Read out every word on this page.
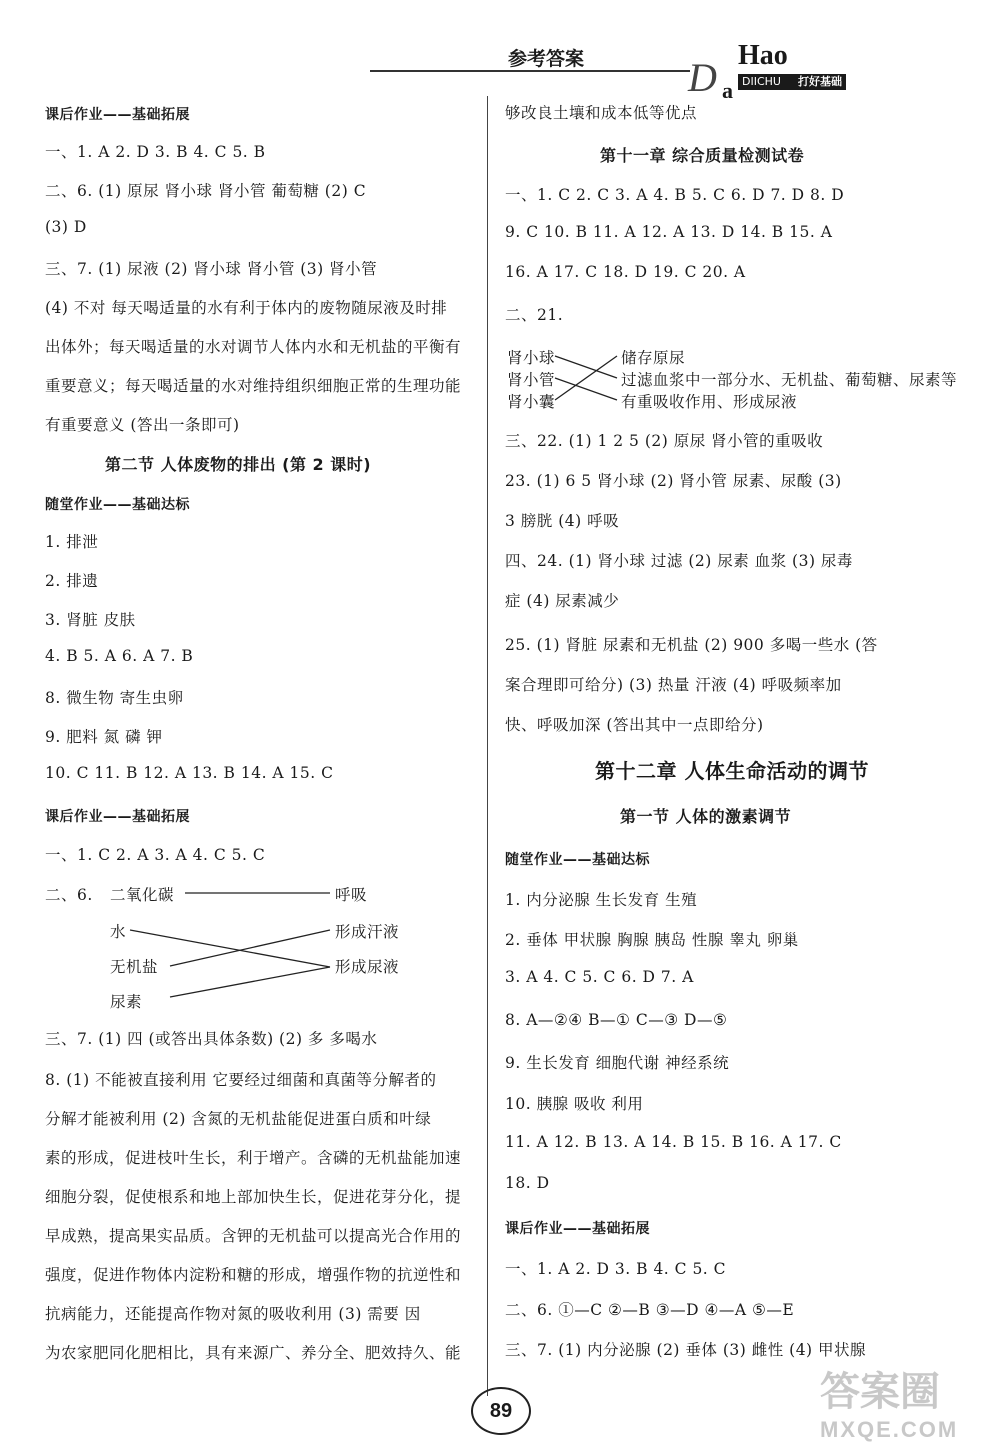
参考答案	D a
Hao
DIICHU 打好基础
课后作业——基础拓展
一、1. A 2. D 3. B 4. C 5. B
二、6. (1) 原尿 肾小球 肾小管 葡萄糖 (2) C
(3) D
三、7. (1) 尿液 (2) 肾小球 肾小管 (3) 肾小管
(4) 不对 每天喝适量的水有利于体内的废物随尿液及时排
出体外；每天喝适量的水对调节人体内水和无机盐的平衡有
重要意义；每天喝适量的水对维持组织细胞正常的生理功能
有重要意义 (答出一条即可)
第二节 人体废物的排出 (第 2 课时)
随堂作业——基础达标
1. 排泄
2. 排遗
3. 肾脏 皮肤
4. B 5. A 6. A 7. B
8. 微生物 寄生虫卵
9. 肥料 氮 磷 钾
10. C 11. B 12. A 13. B 14. A 15. C
课后作业——基础拓展
一、1. C 2. A 3. A 4. C 5. C
二、6. 二氧化碳
水
无机盐
尿素
呼吸
形成汗液
形成尿液
三、7. (1) 四 (或答出具体条数) (2) 多 多喝水
8. (1) 不能被直接利用 它要经过细菌和真菌等分解者的
分解才能被利用 (2) 含氮的无机盐能促进蛋白质和叶绿
素的形成，促进枝叶生长，利于增产。含磷的无机盐能加速
细胞分裂，促使根系和地上部加快生长，促进花芽分化，提
早成熟，提高果实品质。含钾的无机盐可以提高光合作用的
强度，促进作物体内淀粉和糖的形成，增强作物的抗逆性和
抗病能力，还能提高作物对氮的吸收利用 (3) 需要 因
为农家肥同化肥相比，具有来源广、养分全、肥效持久、能
够改良土壤和成本低等优点
第十一章 综合质量检测试卷
一、1. C 2. C 3. A 4. B 5. C 6. D 7. D 8. D
9. C 10. B 11. A 12. A 13. D 14. B 15. A
16. A 17. C 18. D 19. C 20. A
二、21.
肾小球
肾小管
肾小囊
储存原尿
过滤血浆中一部分水、无机盐、葡萄糖、尿素等
有重吸收作用、形成尿液
三、22. (1) 1 2 5 (2) 原尿 肾小管的重吸收
23. (1) 6 5 肾小球 (2) 肾小管 尿素、尿酸 (3)
3 膀胱 (4) 呼吸
四、24. (1) 肾小球 过滤 (2) 尿素 血浆 (3) 尿毒
症 (4) 尿素减少
25. (1) 肾脏 尿素和无机盐 (2) 900 多喝一些水 (答
案合理即可给分) (3) 热量 汗液 (4) 呼吸频率加
快、呼吸加深 (答出其中一点即给分)
第十二章 人体生命活动的调节
第一节 人体的激素调节
随堂作业——基础达标
1. 内分泌腺 生长发育 生殖
2. 垂体 甲状腺 胸腺 胰岛 性腺 睾丸 卵巢
3. A 4. C 5. C 6. D 7. A
8. A—②④ B—① C—③ D—⑤
9. 生长发育 细胞代谢 神经系统
10. 胰腺 吸收 利用
11. A 12. B 13. A 14. B 15. B 16. A 17. C
18. D
课后作业——基础拓展
一、1. A 2. D 3. B 4. C 5. C
二、6. ①—C ②—B ③—D ④—A ⑤—E
三、7. (1) 内分泌腺 (2) 垂体 (3) 雌性 (4) 甲状腺
89	答案圈
MXQE.COM
